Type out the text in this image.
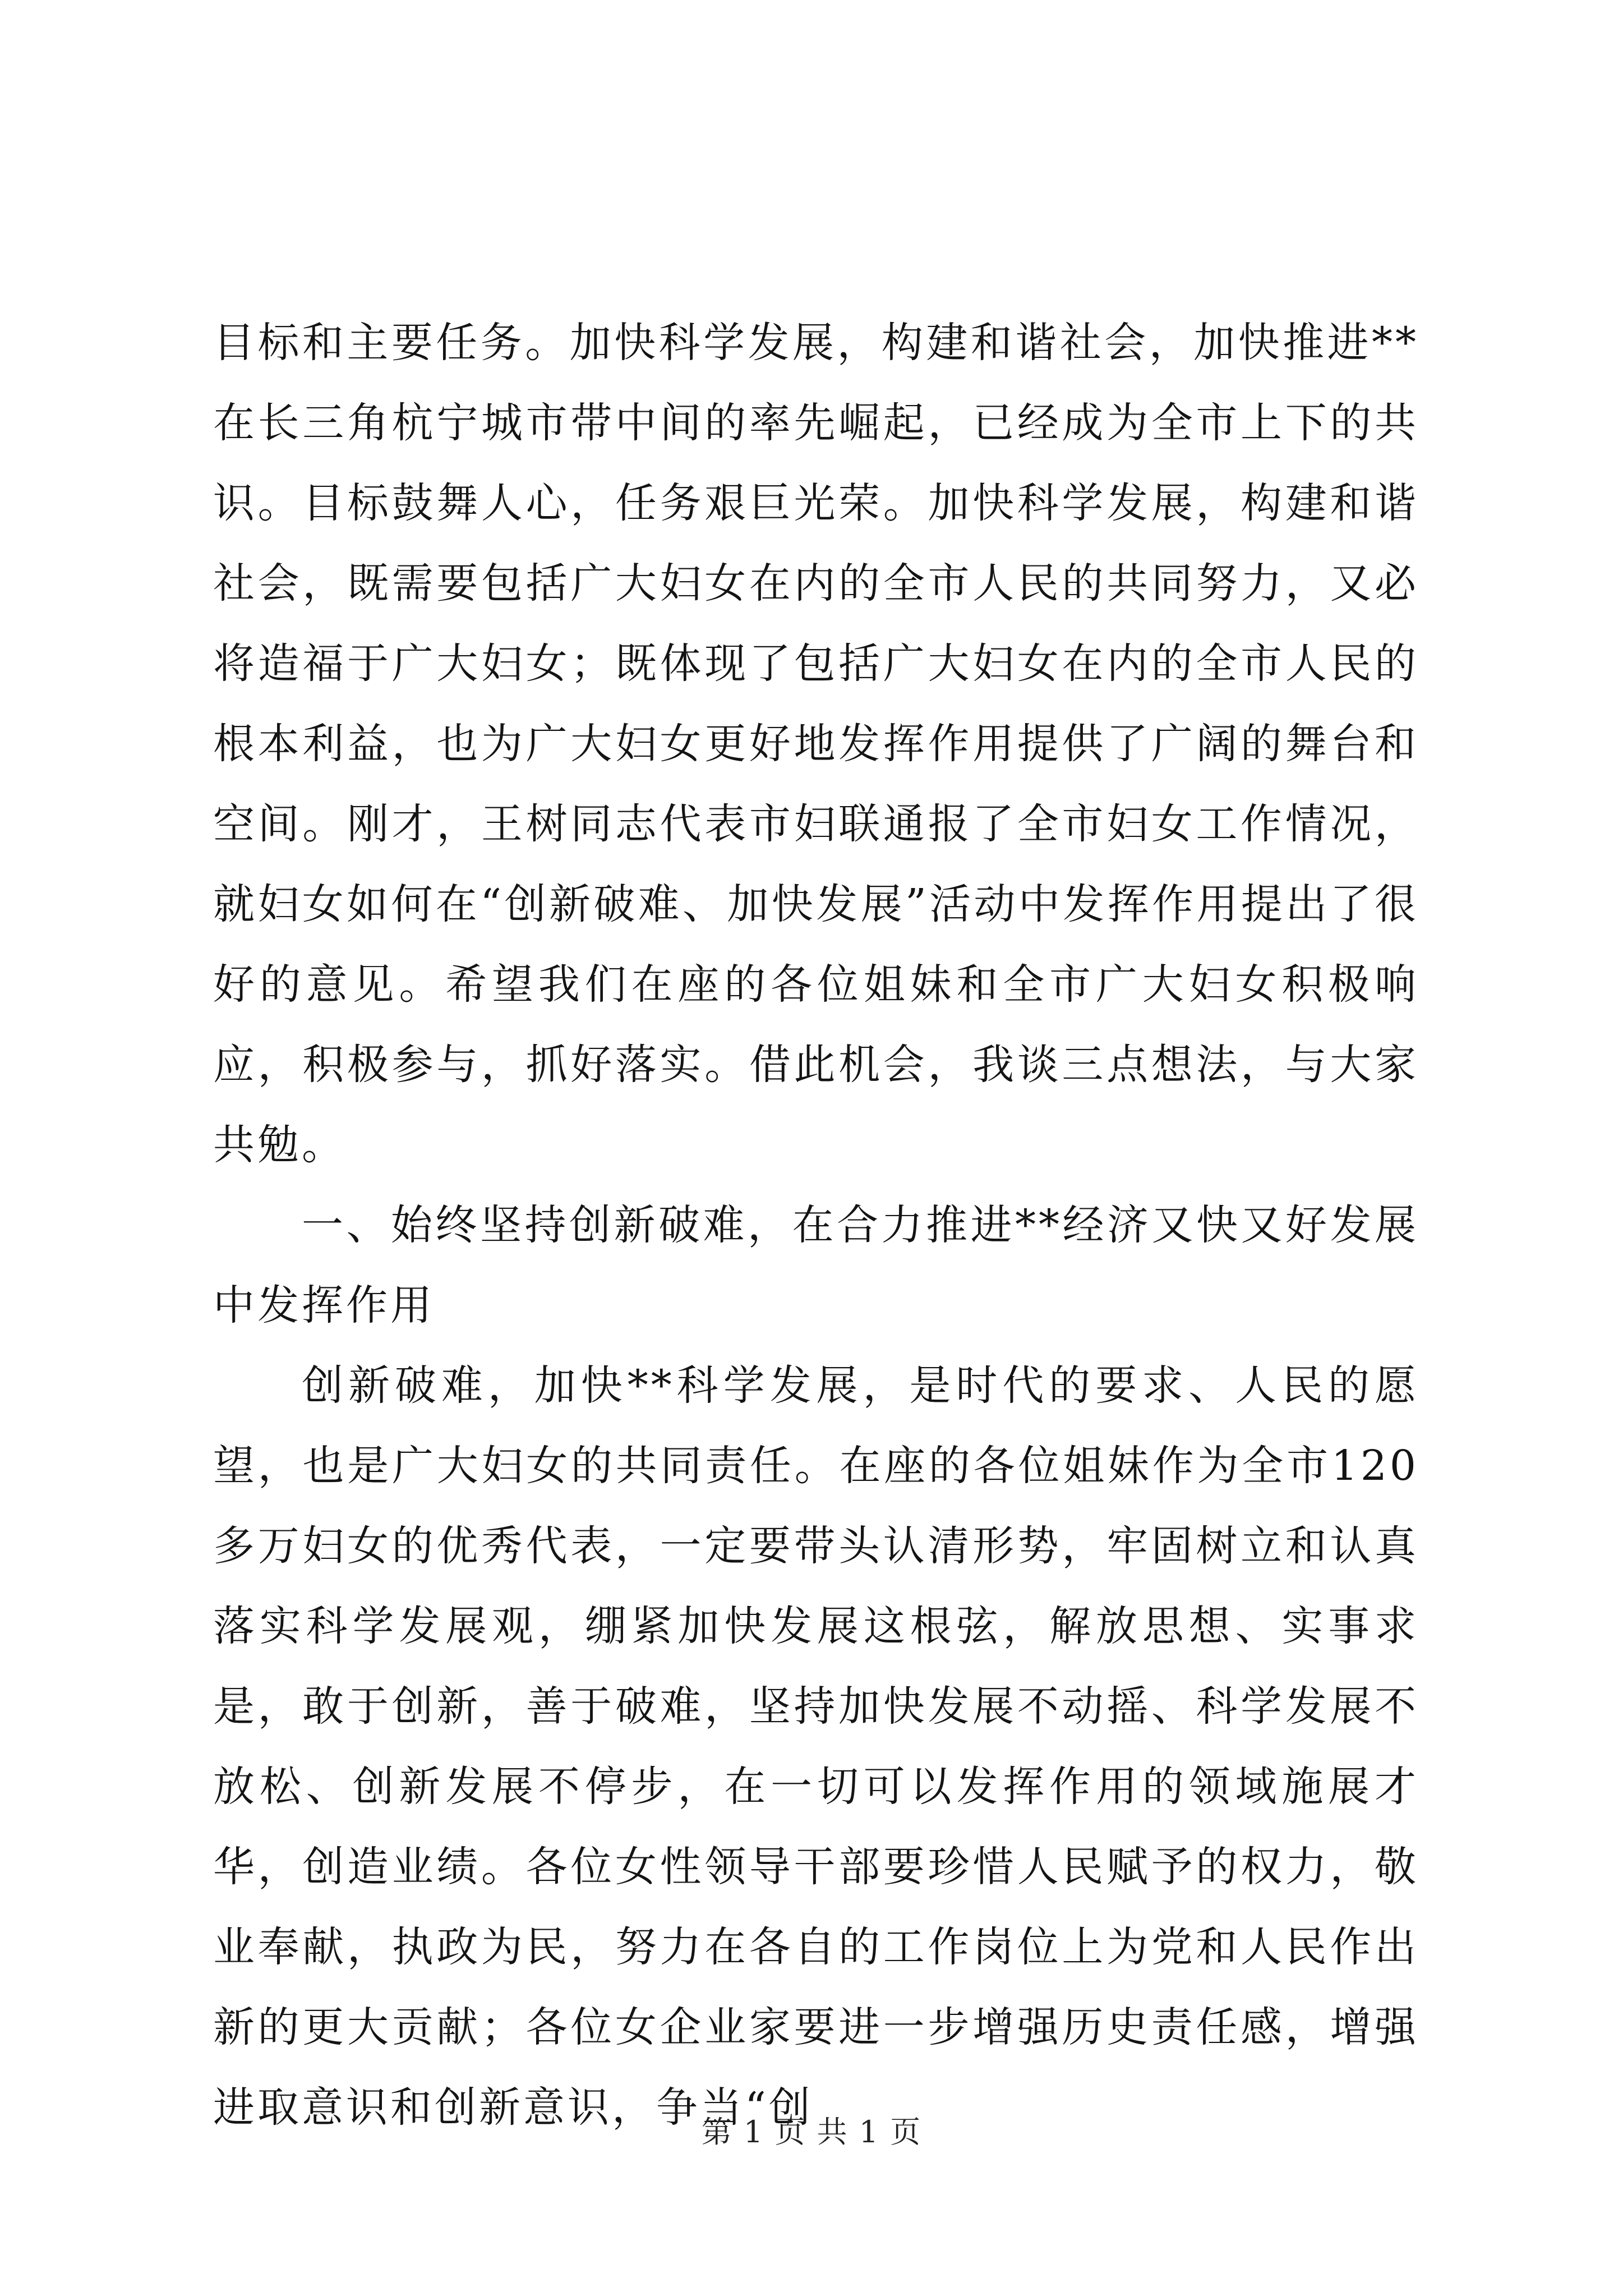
目标和主要任务。加快科学发展，构建和谐社会，加快推进**在长三角杭宁城市带中间的率先崛起，已经成为全市上下的共识。目标鼓舞人心，任务艰巨光荣。加快科学发展，构建和谐社会，既需要包括广大妇女在内的全市人民的共同努力，又必将造福于广大妇女；既体现了包括广大妇女在内的全市人民的根本利益，也为广大妇女更好地发挥作用提供了广阔的舞台和空间。刚才，王树同志代表市妇联通报了全市妇女工作情况，就妇女如何在“创新破难、加快发展”活动中发挥作用提出了很好的意见。希望我们在座的各位姐妹和全市广大妇女积极响应，积极参与，抓好落实。借此机会，我谈三点想法，与大家共勉。

一、始终坚持创新破难，在合力推进**经济又快又好发展中发挥作用

创新破难，加快**科学发展，是时代的要求、人民的愿望，也是广大妇女的共同责任。在座的各位姐妹作为全市120多万妇女的优秀代表，一定要带头认清形势，牢固树立和认真落实科学发展观，绷紧加快发展这根弦，解放思想、实事求是，敢于创新，善于破难，坚持加快发展不动摇、科学发展不放松、创新发展不停步，在一切可以发挥作用的领域施展才华，创造业绩。各位女性领导干部要珍惜人民赋予的权力，敬业奉献，执政为民，努力在各自的工作岗位上为党和人民作出新的更大贡献；各位女企业家要进一步增强历史责任感，增强进取意识和创新意识，争当“创

第 1 页 共 1 页
